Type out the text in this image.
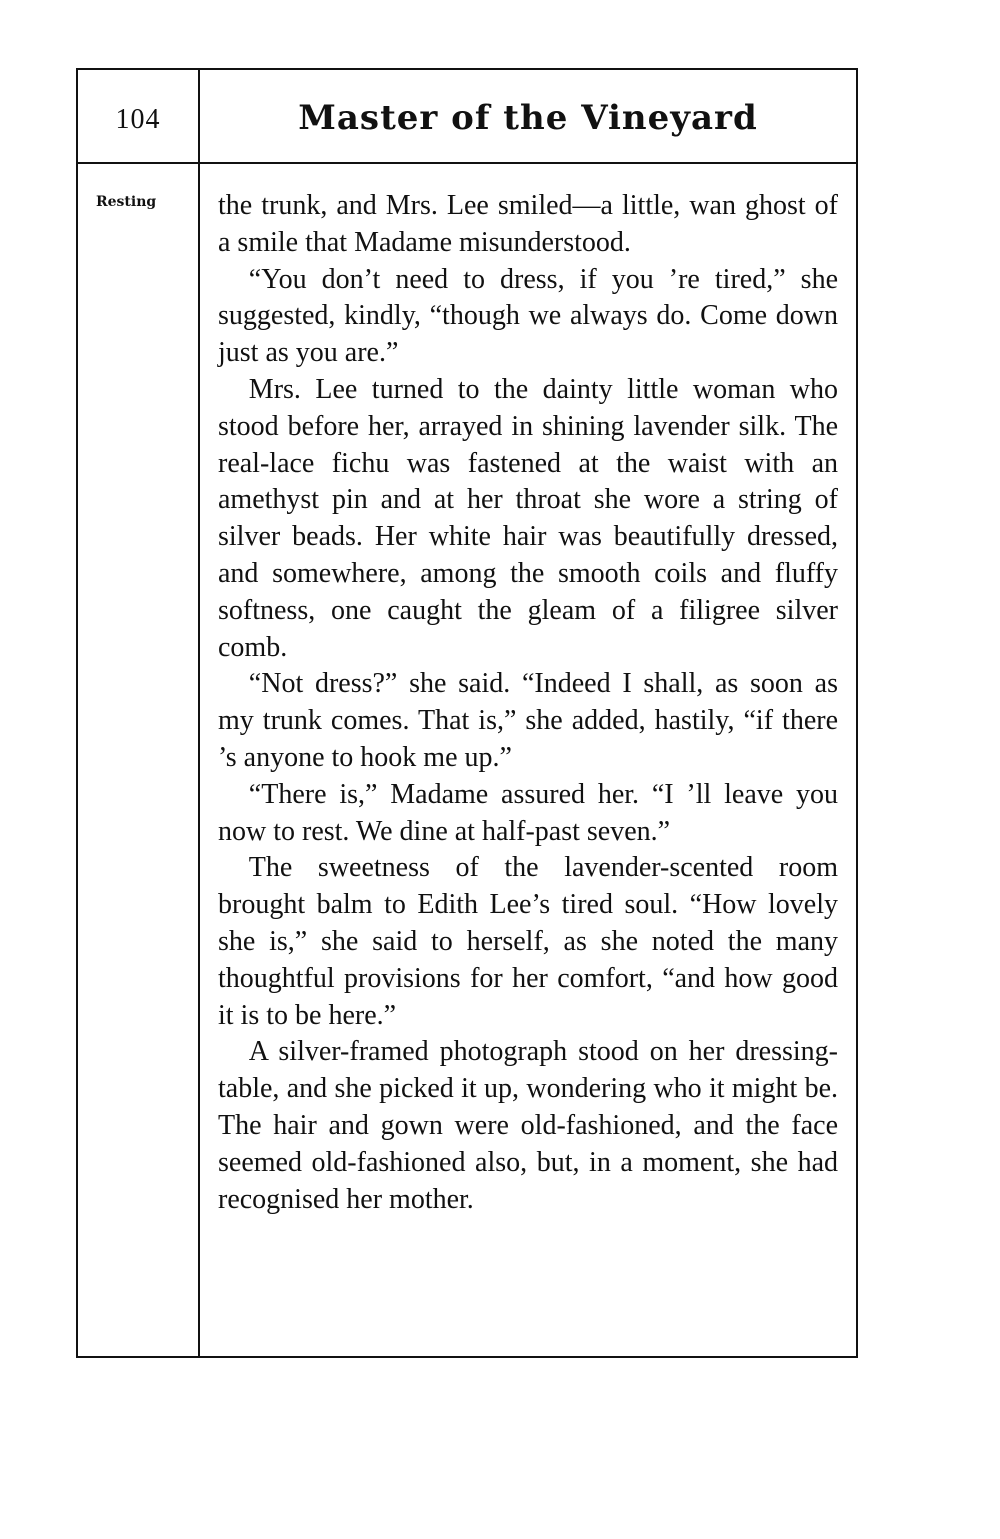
104	Master of the Vineyard
Resting	the trunk, and Mrs. Lee smiled—a little, wan ghost of a smile that Madame misunderstood.

“You don’t need to dress, if you ’re tired,” she suggested, kindly, “though we always do. Come down just as you are.”

Mrs. Lee turned to the dainty little woman who stood before her, arrayed in shining lavender silk. The real-lace fichu was fastened at the waist with an amethyst pin and at her throat she wore a string of silver beads. Her white hair was beautifully dressed, and somewhere, among the smooth coils and fluffy softness, one caught the gleam of a filigree silver comb.

“Not dress?” she said. “Indeed I shall, as soon as my trunk comes. That is,” she added, hastily, “if there ’s anyone to hook me up.”

“There is,” Madame assured her. “I ’ll leave you now to rest. We dine at half-past seven.”

The sweetness of the lavender-scented room brought balm to Edith Lee’s tired soul. “How lovely she is,” she said to herself, as she noted the many thoughtful provisions for her comfort, “and how good it is to be here.”

A silver-framed photograph stood on her dressing-table, and she picked it up, wondering who it might be. The hair and gown were old-fashioned, and the face seemed old-fashioned also, but, in a moment, she had recognised her mother.
